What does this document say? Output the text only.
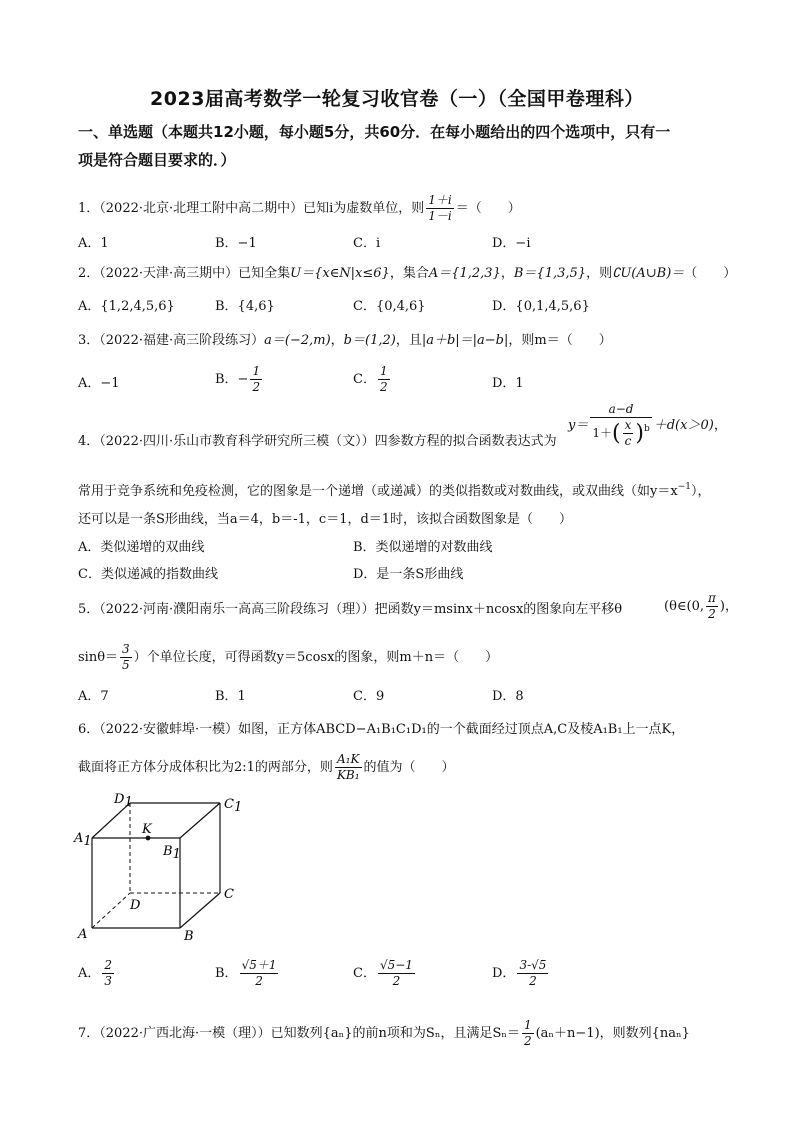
2023届高考数学一轮复习收官卷（一）（全国甲卷理科）
一、单选题（本题共12小题，每小题5分，共60分．在每小题给出的四个选项中，只有一
项是符合题目要求的．）
1．（2022·北京·北理工附中高二期中）已知i为虚数单位，则 $\frac{1+i}{1-i}$ ＝（　　）
A．1	B．−1	C．i	D．−i
2．（2022·天津·高三期中）已知全集U＝{x∈N|x≤6}，集合A＝{1,2,3}，B＝{1,3,5}，则∁U(A∪B)＝（　　）
A．{1,2,4,5,6}	B．{4,6}	C．{0,4,6}	D．{0,1,4,5,6}
3．（2022·福建·高三阶段练习）a＝(−2,m)，b＝(1,2)，且|a＋b|＝|a−b|，则m＝（　　）
A．−1	B．− $\frac{1}{2}$	C． $\frac{1}{2}$	D．1
4．（2022·四川·乐山市教育科学研究所三模（文））四参数方程的拟合函数表达式为
$y= \frac{a-d}{1+( \frac{x}{c} )^b} +d(x>0)$，
常用于竞争系统和免疫检测，它的图象是一个递增（或递减）的类似指数或对数曲线，或双曲线（如$y=x^{-1}$），
还可以是一条S形曲线，当a＝4，b＝-1，c＝1，d＝1时，该拟合函数图象是（　　）
A．类似递增的双曲线	B．类似递增的对数曲线
C．类似递减的指数曲线	D．是一条S形曲线
5．（2022·河南·濮阳南乐一高高三阶段练习（理））把函数y＝msinx＋ncosx的图象向左平移θ	(θ∈(0, $\frac{\pi}{2}$ )，
$\sin\theta= \frac{3}{5}$ ）个单位长度，可得函数y＝5cosx的图象，则m＋n＝（　　）
A．7	B．1	C．9	D．8
6．（2022·安徽蚌埠·一模）如图，正方体ABCD−A₁B₁C₁D₁的一个截面经过顶点A,C及棱A₁B₁上一点K，
截面将正方体分成体积比为2:1的两部分，则 $\frac{\text{A₁K}}{\text{KB₁}}$ 的值为（　　）
D1	C1
A1
B1
K
D
C
A	B
A． $\frac{2}{3}$	B． $\frac{√5+1}{2}$	C． $\frac{√5-1}{2}$	D． $\frac{3-√5}{2}$
7．（2022·广西北海·一模（理））已知数列{aₙ}的前n项和为Sₙ，且满足$S_n= \frac{1}{2} (a_n+n-1)$，则数列{naₙ}
